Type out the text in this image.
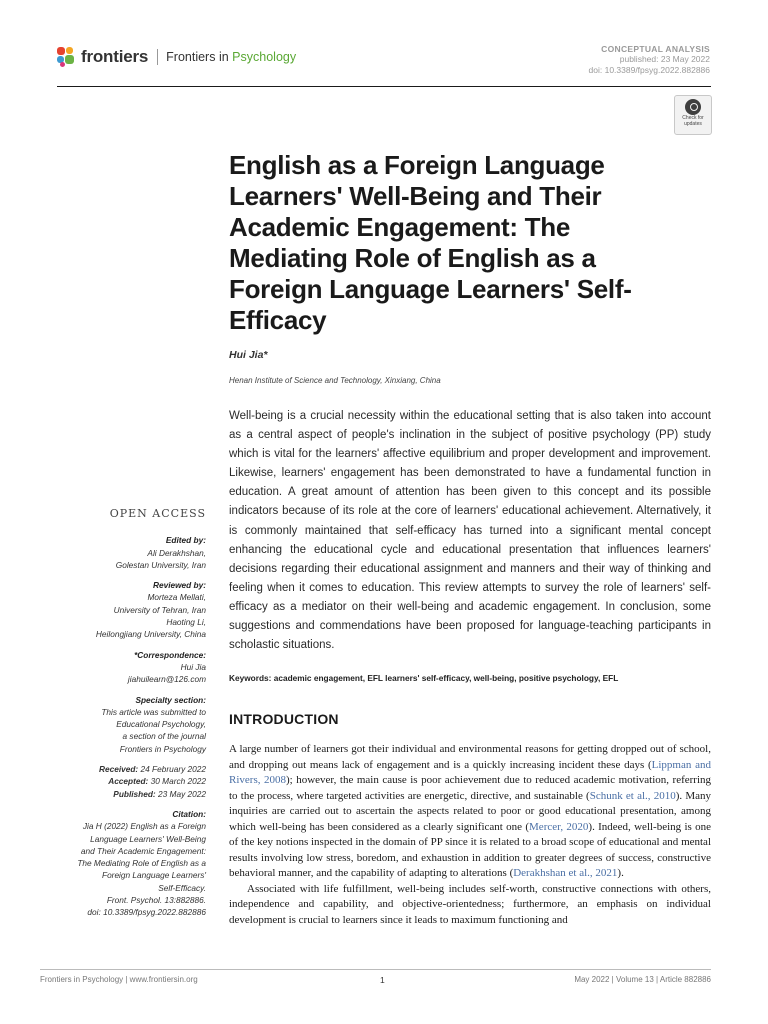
frontiers Frontiers in Psychology
CONCEPTUAL ANALYSIS
published: 23 May 2022
doi: 10.3389/fpsyg.2022.882886
Check for
updates
English as a Foreign Language Learners' Well-Being and Their Academic Engagement: The Mediating Role of English as a Foreign Language Learners' Self-Efficacy
Hui Jia*
Henan Institute of Science and Technology, Xinxiang, China

Well-being is a crucial necessity within the educational setting that is also taken into account as a central aspect of people's inclination in the subject of positive psychology (PP) study which is vital for the learners' affective equilibrium and proper development and improvement. Likewise, learners' engagement has been demonstrated to have a fundamental function in education. A great amount of attention has been given to this concept and its possible indicators because of its role at the core of learners' educational achievement. Alternatively, it is commonly maintained that self-efficacy has turned into a significant mental concept enhancing the educational cycle and educational presentation that influences learners' decisions regarding their educational assignment and manners and their way of thinking and feeling when it comes to education. This review attempts to survey the role of learners' self-efficacy as a mediator on their well-being and academic engagement. In conclusion, some suggestions and commendations have been proposed for language-teaching participants in scholastic situations.

Keywords: academic engagement, EFL learners' self-efficacy, well-being, positive psychology, EFL
OPEN ACCESS
Edited by:
Ali Derakhshan,
Golestan University, Iran
Reviewed by:
Morteza Mellati,
University of Tehran, Iran
Haoting Li,
Heilongjiang University, China
*Correspondence:
Hui Jia
jiahuilearn@126.com
Specialty section:
This article was submitted to
Educational Psychology,
a section of the journal
Frontiers in Psychology
Received: 24 February 2022
Accepted: 30 March 2022
Published: 23 May 2022
Citation:
Jia H (2022) English as a Foreign
Language Learners' Well-Being
and Their Academic Engagement:
The Mediating Role of English as a
Foreign Language Learners'
Self-Efficacy.
Front. Psychol. 13:882886.
doi: 10.3389/fpsyg.2022.882886
INTRODUCTION

A large number of learners got their individual and environmental reasons for getting dropped out of school, and dropping out means lack of engagement and is a quickly increasing incident these days (Lippman and Rivers, 2008); however, the main cause is poor achievement due to reduced academic motivation, referring to the process, where targeted activities are energetic, directive, and sustainable (Schunk et al., 2010). Many inquiries are carried out to ascertain the aspects related to poor or good educational presentation, among which well-being has been considered as a clearly significant one (Mercer, 2020). Indeed, well-being is one of the key notions inspected in the domain of PP since it is related to a broad scope of educational and mental results involving low stress, boredom, and exhaustion in addition to greater degrees of success, constructive behavioral manner, and the capability of adapting to alterations (Derakhshan et al., 2021).

Associated with life fulfillment, well-being includes self-worth, constructive connections with others, independence and capability, and objective-orientedness; furthermore, an emphasis on individual development is crucial to learners since it leads to maximum functioning and

Frontiers in Psychology | www.frontiersin.org	1	May 2022 | Volume 13 | Article 882886
